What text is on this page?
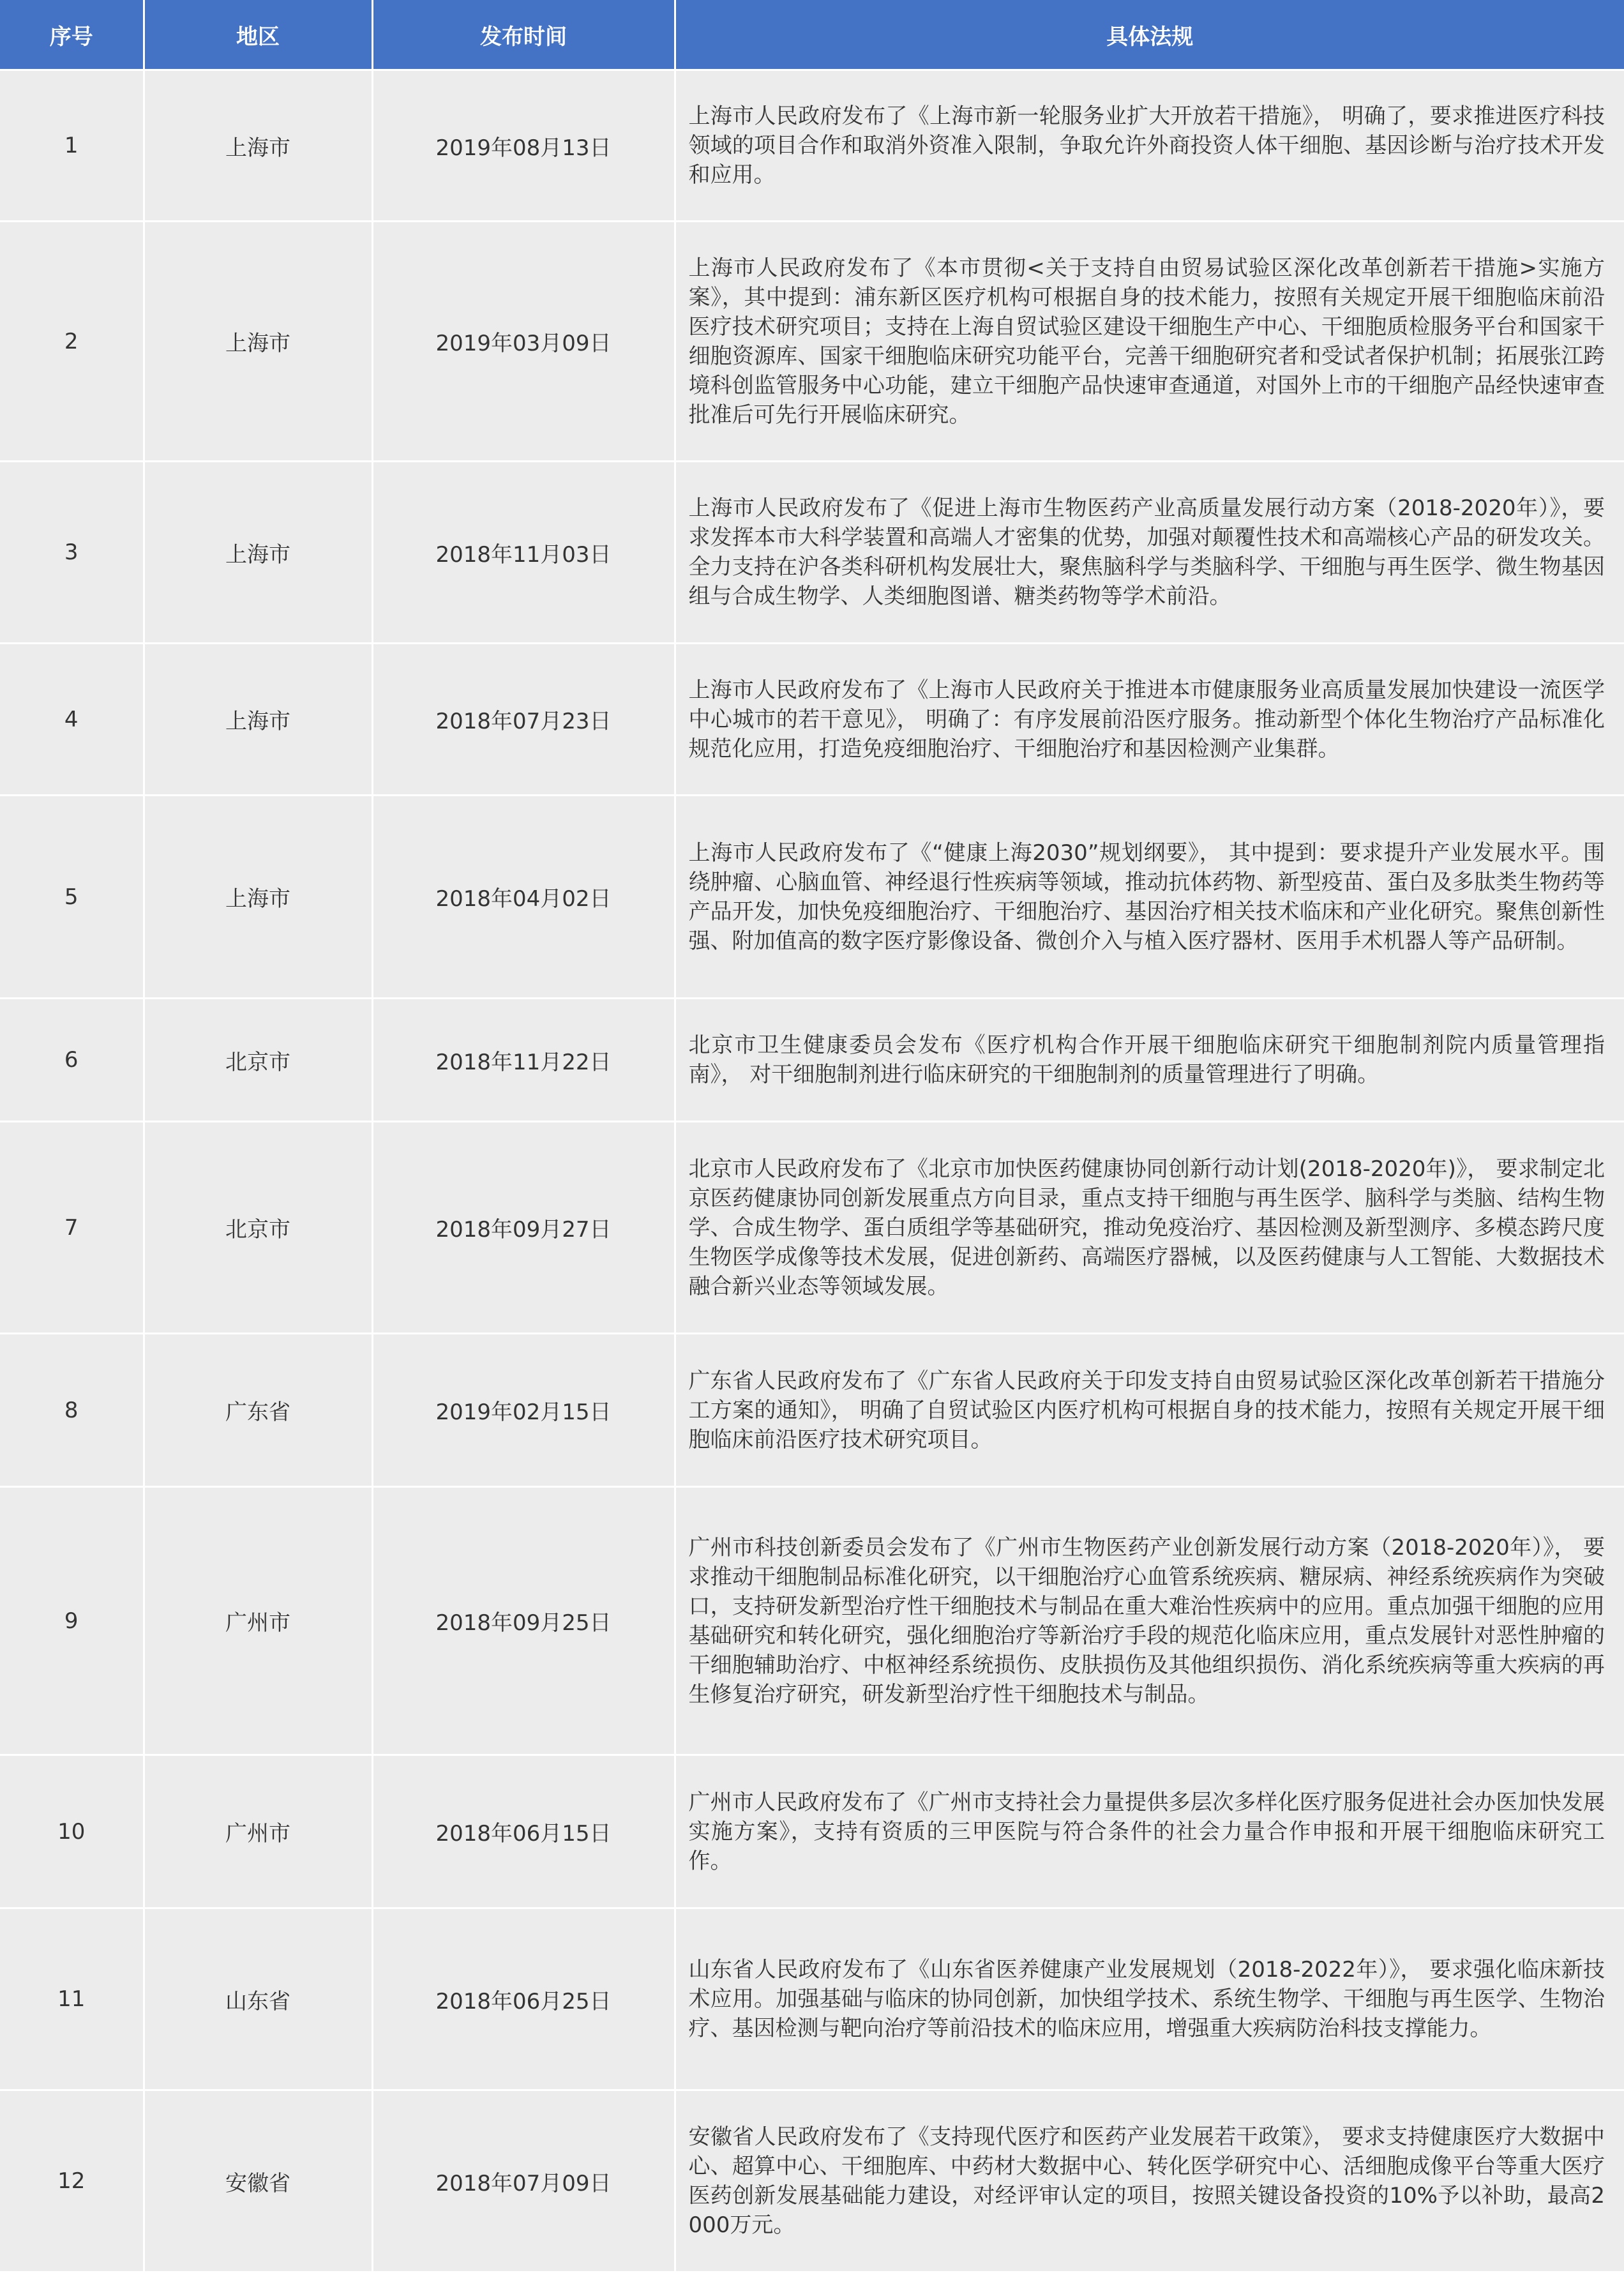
序号	地区	发布时间	具体法规
1	上海市	2019年08月13日	上海市人民政府发布了《上海市新一轮服务业扩大开放若干措施》， 明确了，要求推进医疗科技领域的项目合作和取消外资准入限制，争取允许外商投资人体干细胞、基因诊断与治疗技术开发和应用。
2	上海市	2019年03月09日	上海市人民政府发布了《本市贯彻<关于支持自由贸易试验区深化改革创新若干措施>实施方案》，其中提到：浦东新区医疗机构可根据自身的技术能力，按照有关规定开展干细胞临床前沿医疗技术研究项目；支持在上海自贸试验区建设干细胞生产中心、干细胞质检服务平台和国家干细胞资源库、国家干细胞临床研究功能平台，完善干细胞研究者和受试者保护机制；拓展张江跨境科创监管服务中心功能，建立干细胞产品快速审查通道，对国外上市的干细胞产品经快速审查批准后可先行开展临床研究。
3	上海市	2018年11月03日	上海市人民政府发布了《促进上海市生物医药产业高质量发展行动方案（2018-2020年）》，要求发挥本市大科学装置和高端人才密集的优势，加强对颠覆性技术和高端核心产品的研发攻关。全力支持在沪各类科研机构发展壮大，聚焦脑科学与类脑科学、干细胞与再生医学、微生物基因组与合成生物学、人类细胞图谱、糖类药物等学术前沿。
4	上海市	2018年07月23日	上海市人民政府发布了《上海市人民政府关于推进本市健康服务业高质量发展加快建设一流医学中心城市的若干意见》， 明确了：有序发展前沿医疗服务。推动新型个体化生物治疗产品标准化规范化应用，打造免疫细胞治疗、干细胞治疗和基因检测产业集群。
5	上海市	2018年04月02日	上海市人民政府发布了《“健康上海2030”规划纲要》， 其中提到：要求提升产业发展水平。围绕肿瘤、心脑血管、神经退行性疾病等领域，推动抗体药物、新型疫苗、蛋白及多肽类生物药等产品开发，加快免疫细胞治疗、干细胞治疗、基因治疗相关技术临床和产业化研究。聚焦创新性强、附加值高的数字医疗影像设备、微创介入与植入医疗器材、医用手术机器人等产品研制。
6	北京市	2018年11月22日	北京市卫生健康委员会发布《医疗机构合作开展干细胞临床研究干细胞制剂院内质量管理指南》， 对干细胞制剂进行临床研究的干细胞制剂的质量管理进行了明确。
7	北京市	2018年09月27日	北京市人民政府发布了《北京市加快医药健康协同创新行动计划(2018-2020年)》， 要求制定北京医药健康协同创新发展重点方向目录，重点支持干细胞与再生医学、脑科学与类脑、结构生物学、合成生物学、蛋白质组学等基础研究，推动免疫治疗、基因检测及新型测序、多模态跨尺度生物医学成像等技术发展，促进创新药、高端医疗器械，以及医药健康与人工智能、大数据技术融合新兴业态等领域发展。
8	广东省	2019年02月15日	广东省人民政府发布了《广东省人民政府关于印发支持自由贸易试验区深化改革创新若干措施分工方案的通知》， 明确了自贸试验区内医疗机构可根据自身的技术能力，按照有关规定开展干细胞临床前沿医疗技术研究项目。
9	广州市	2018年09月25日	广州市科技创新委员会发布了《广州市生物医药产业创新发展行动方案（2018-2020年）》， 要求推动干细胞制品标准化研究，以干细胞治疗心血管系统疾病、糖尿病、神经系统疾病作为突破口，支持研发新型治疗性干细胞技术与制品在重大难治性疾病中的应用。重点加强干细胞的应用基础研究和转化研究，强化细胞治疗等新治疗手段的规范化临床应用，重点发展针对恶性肿瘤的干细胞辅助治疗、中枢神经系统损伤、皮肤损伤及其他组织损伤、消化系统疾病等重大疾病的再生修复治疗研究，研发新型治疗性干细胞技术与制品。
10	广州市	2018年06月15日	广州市人民政府发布了《广州市支持社会力量提供多层次多样化医疗服务促进社会办医加快发展实施方案》，支持有资质的三甲医院与符合条件的社会力量合作申报和开展干细胞临床研究工作。
11	山东省	2018年06月25日	山东省人民政府发布了《山东省医养健康产业发展规划（2018-2022年）》， 要求强化临床新技术应用。加强基础与临床的协同创新，加快组学技术、系统生物学、干细胞与再生医学、生物治疗、基因检测与靶向治疗等前沿技术的临床应用，增强重大疾病防治科技支撑能力。
12	安徽省	2018年07月09日	安徽省人民政府发布了《支持现代医疗和医药产业发展若干政策》， 要求支持健康医疗大数据中心、超算中心、干细胞库、中药材大数据中心、转化医学研究中心、活细胞成像平台等重大医疗医药创新发展基础能力建设，对经评审认定的项目，按照关键设备投资的10%予以补助，最高2000万元。
